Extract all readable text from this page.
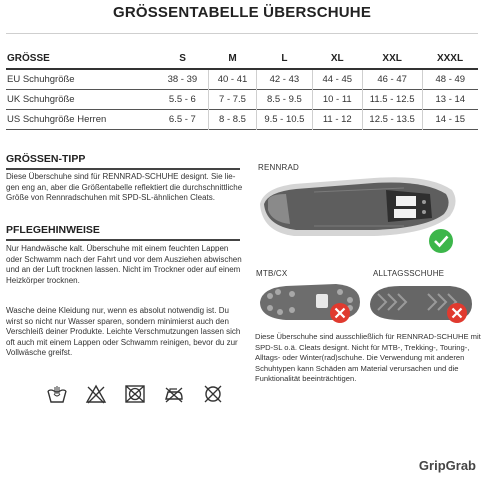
GRÖSSENTABELLE ÜBERSCHUHE
GRÖSSE	S	M	L	XL	XXL	XXXL
EU Schuhgröße	38 - 39	40 - 41	42 - 43	44 - 45	46 - 47	48 - 49
UK Schuhgröße	5.5 - 6	7 - 7.5	8.5 - 9.5	10 - 11	11.5 - 12.5	13 - 14
US Schuhgröße Herren	6.5 - 7	8 - 8.5	9.5 - 10.5	11 - 12	12.5 - 13.5	14 - 15
GRÖSSEN-TIPP
Diese Überschuhe sind für RENNRAD-SCHUHE designt. Sie lie-
gen eng an, aber die Größentabelle reflektiert die durchschnittliche
Größe von Rennradschuhen mit SPD-SL-ähnlichen Cleats.
PFLEGEHINWEISE
Nur Handwäsche kalt. Überschuhe mit einem feuchten Lappen
oder Schwamm nach der Fahrt und vor dem Ausziehen abwischen
und an der Luft trocknen lassen. Nicht im Trockner oder auf einem
Heizkörper trocknen.
Wasche deine Kleidung nur, wenn es absolut notwendig ist. Du
wirst so nicht nur Wasser sparen, sondern minimierst auch den
Verschleiß deiner Produkte. Leichte Verschmutzungen lassen sich
oft auch mit einem Lappen oder Schwamm reinigen, bevor du zur
Vollwäsche greifst.
RENNRAD
MTB/CX	ALLTAGSSCHUHE
Diese Überschuhe sind ausschließlich für RENNRAD-SCHUHE mit
SPD-SL o.ä. Cleats designt. Nicht für MTB-, Trekking-, Touring-,
Alltags- oder Winter(rad)schuhe. Die Verwendung mit anderen
Schuhtypen kann Schäden am Material verursachen und die
Funktionalität beeinträchtigen.
GripGrab
